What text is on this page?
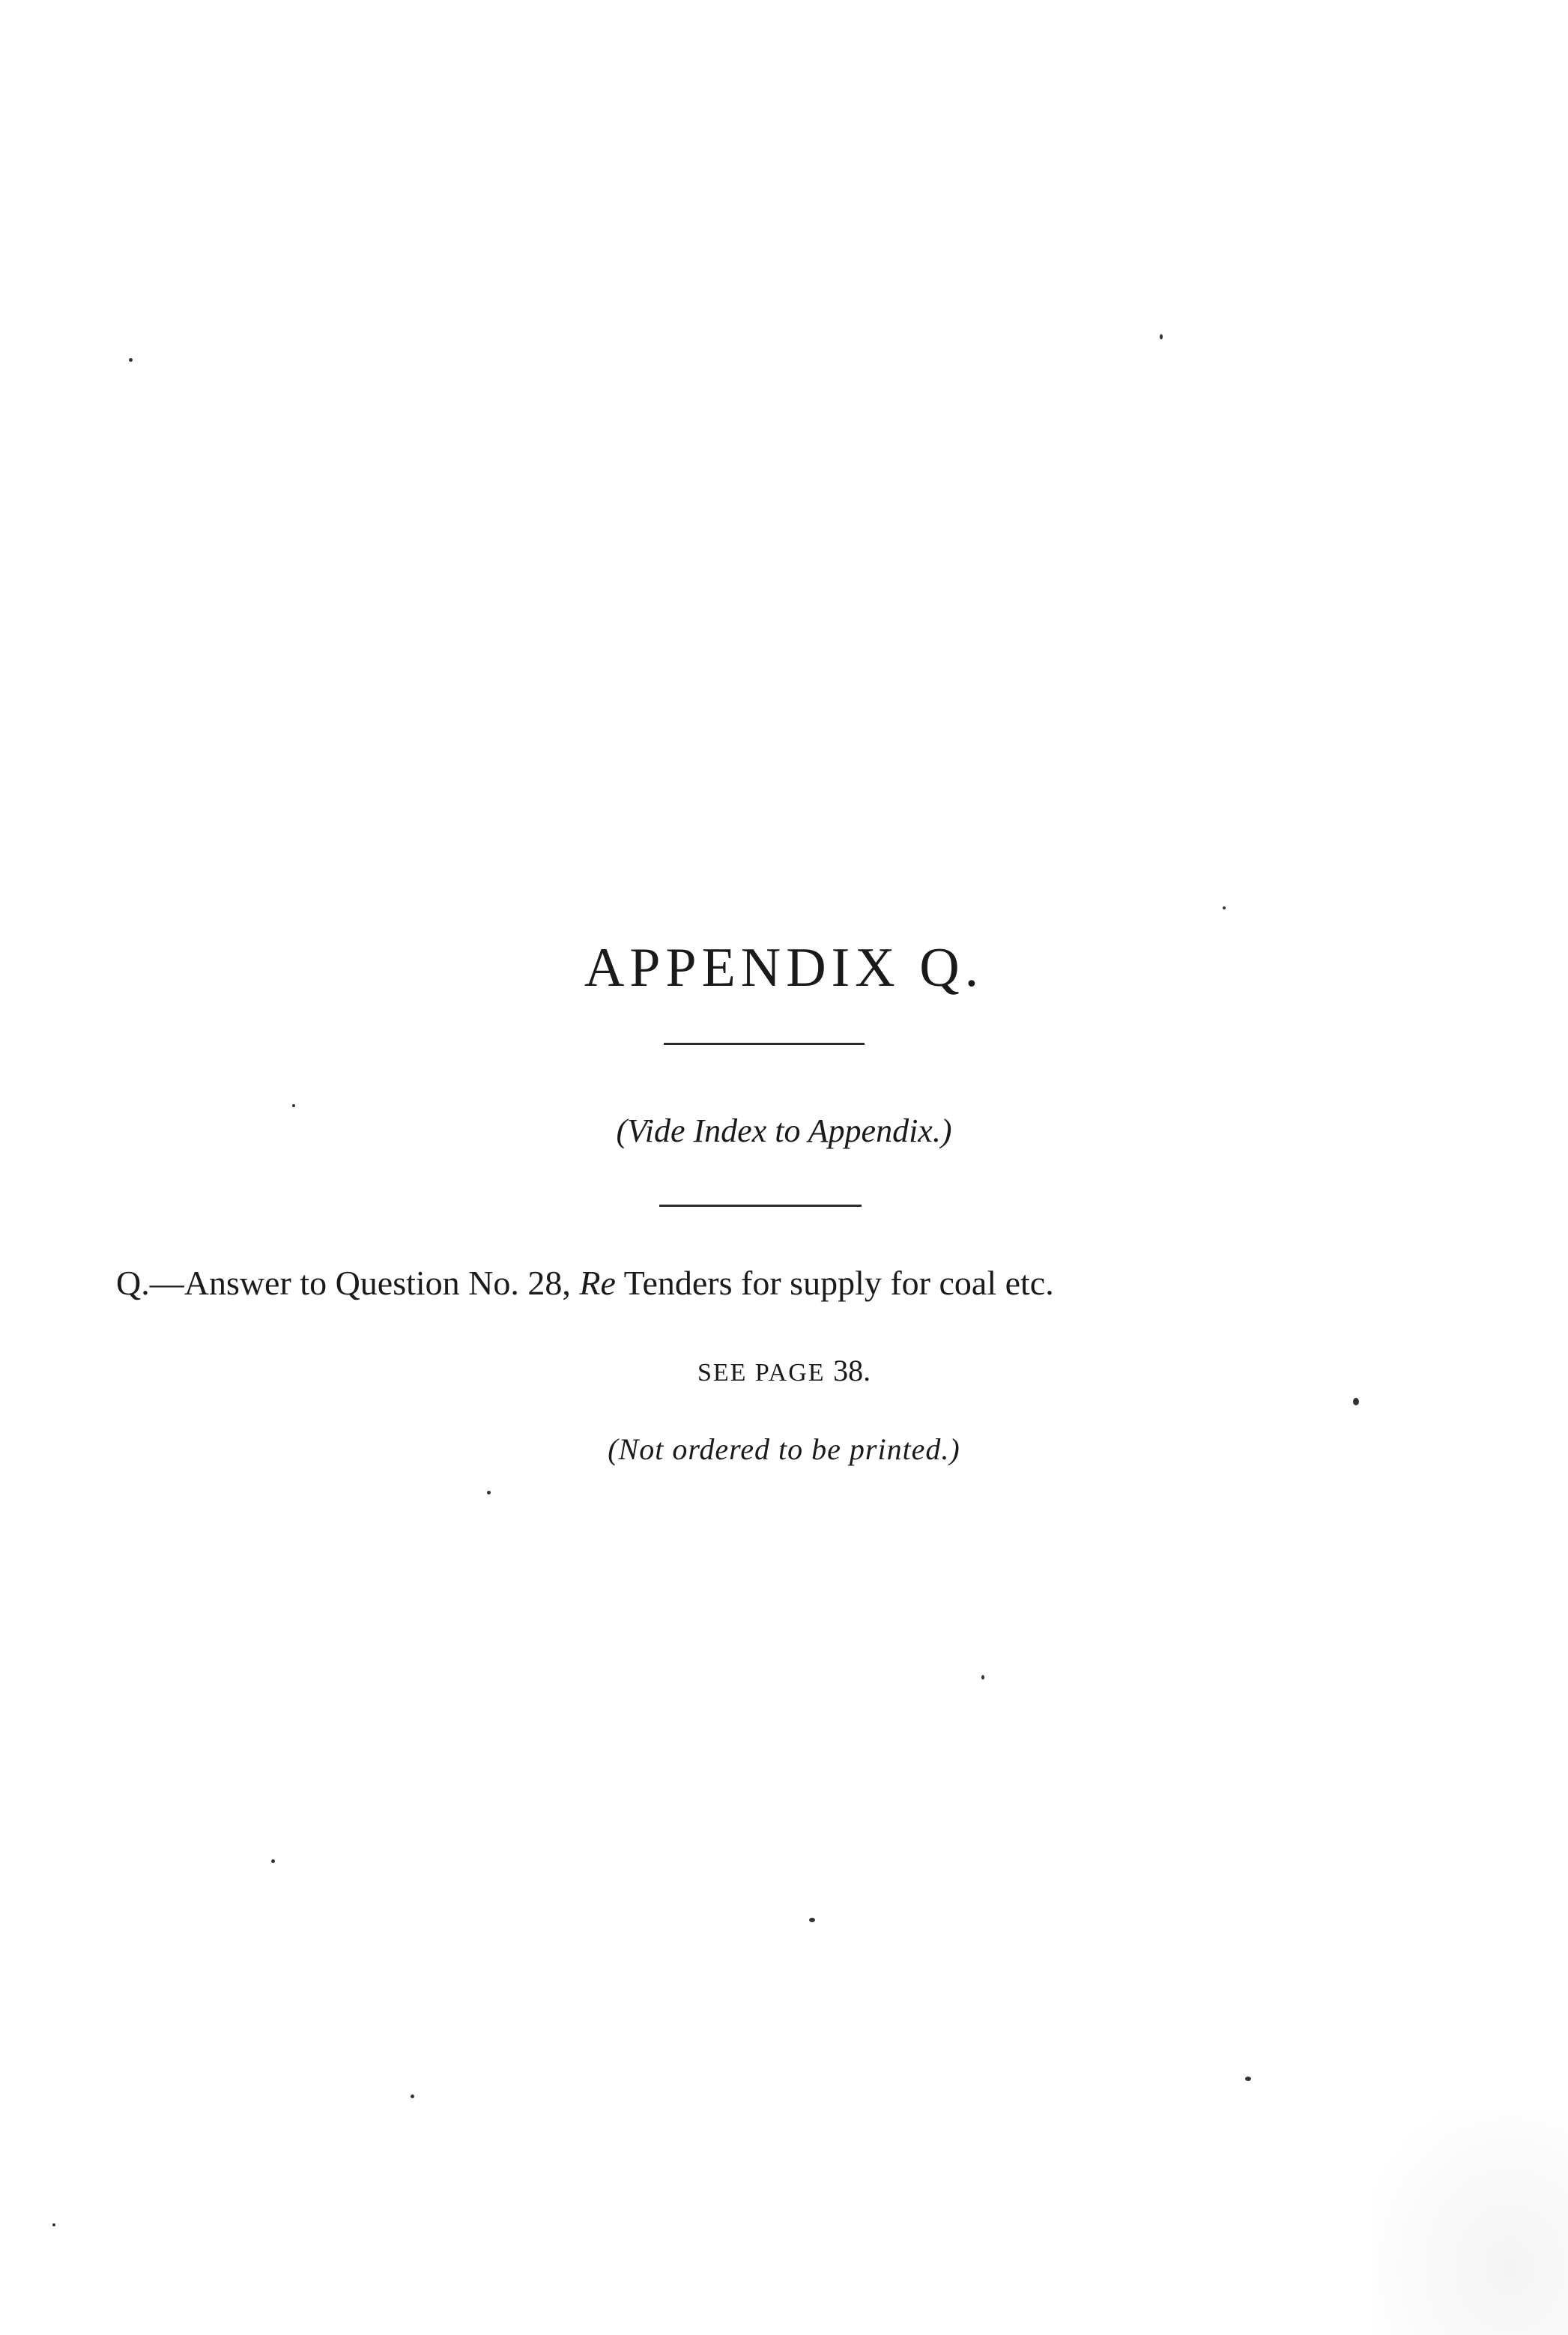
APPENDIX Q.
(Vide Index to Appendix.)
Q.—Answer to Question No. 28, Re Tenders for supply for coal etc.
SEE PAGE 38.
(Not ordered to be printed.)
